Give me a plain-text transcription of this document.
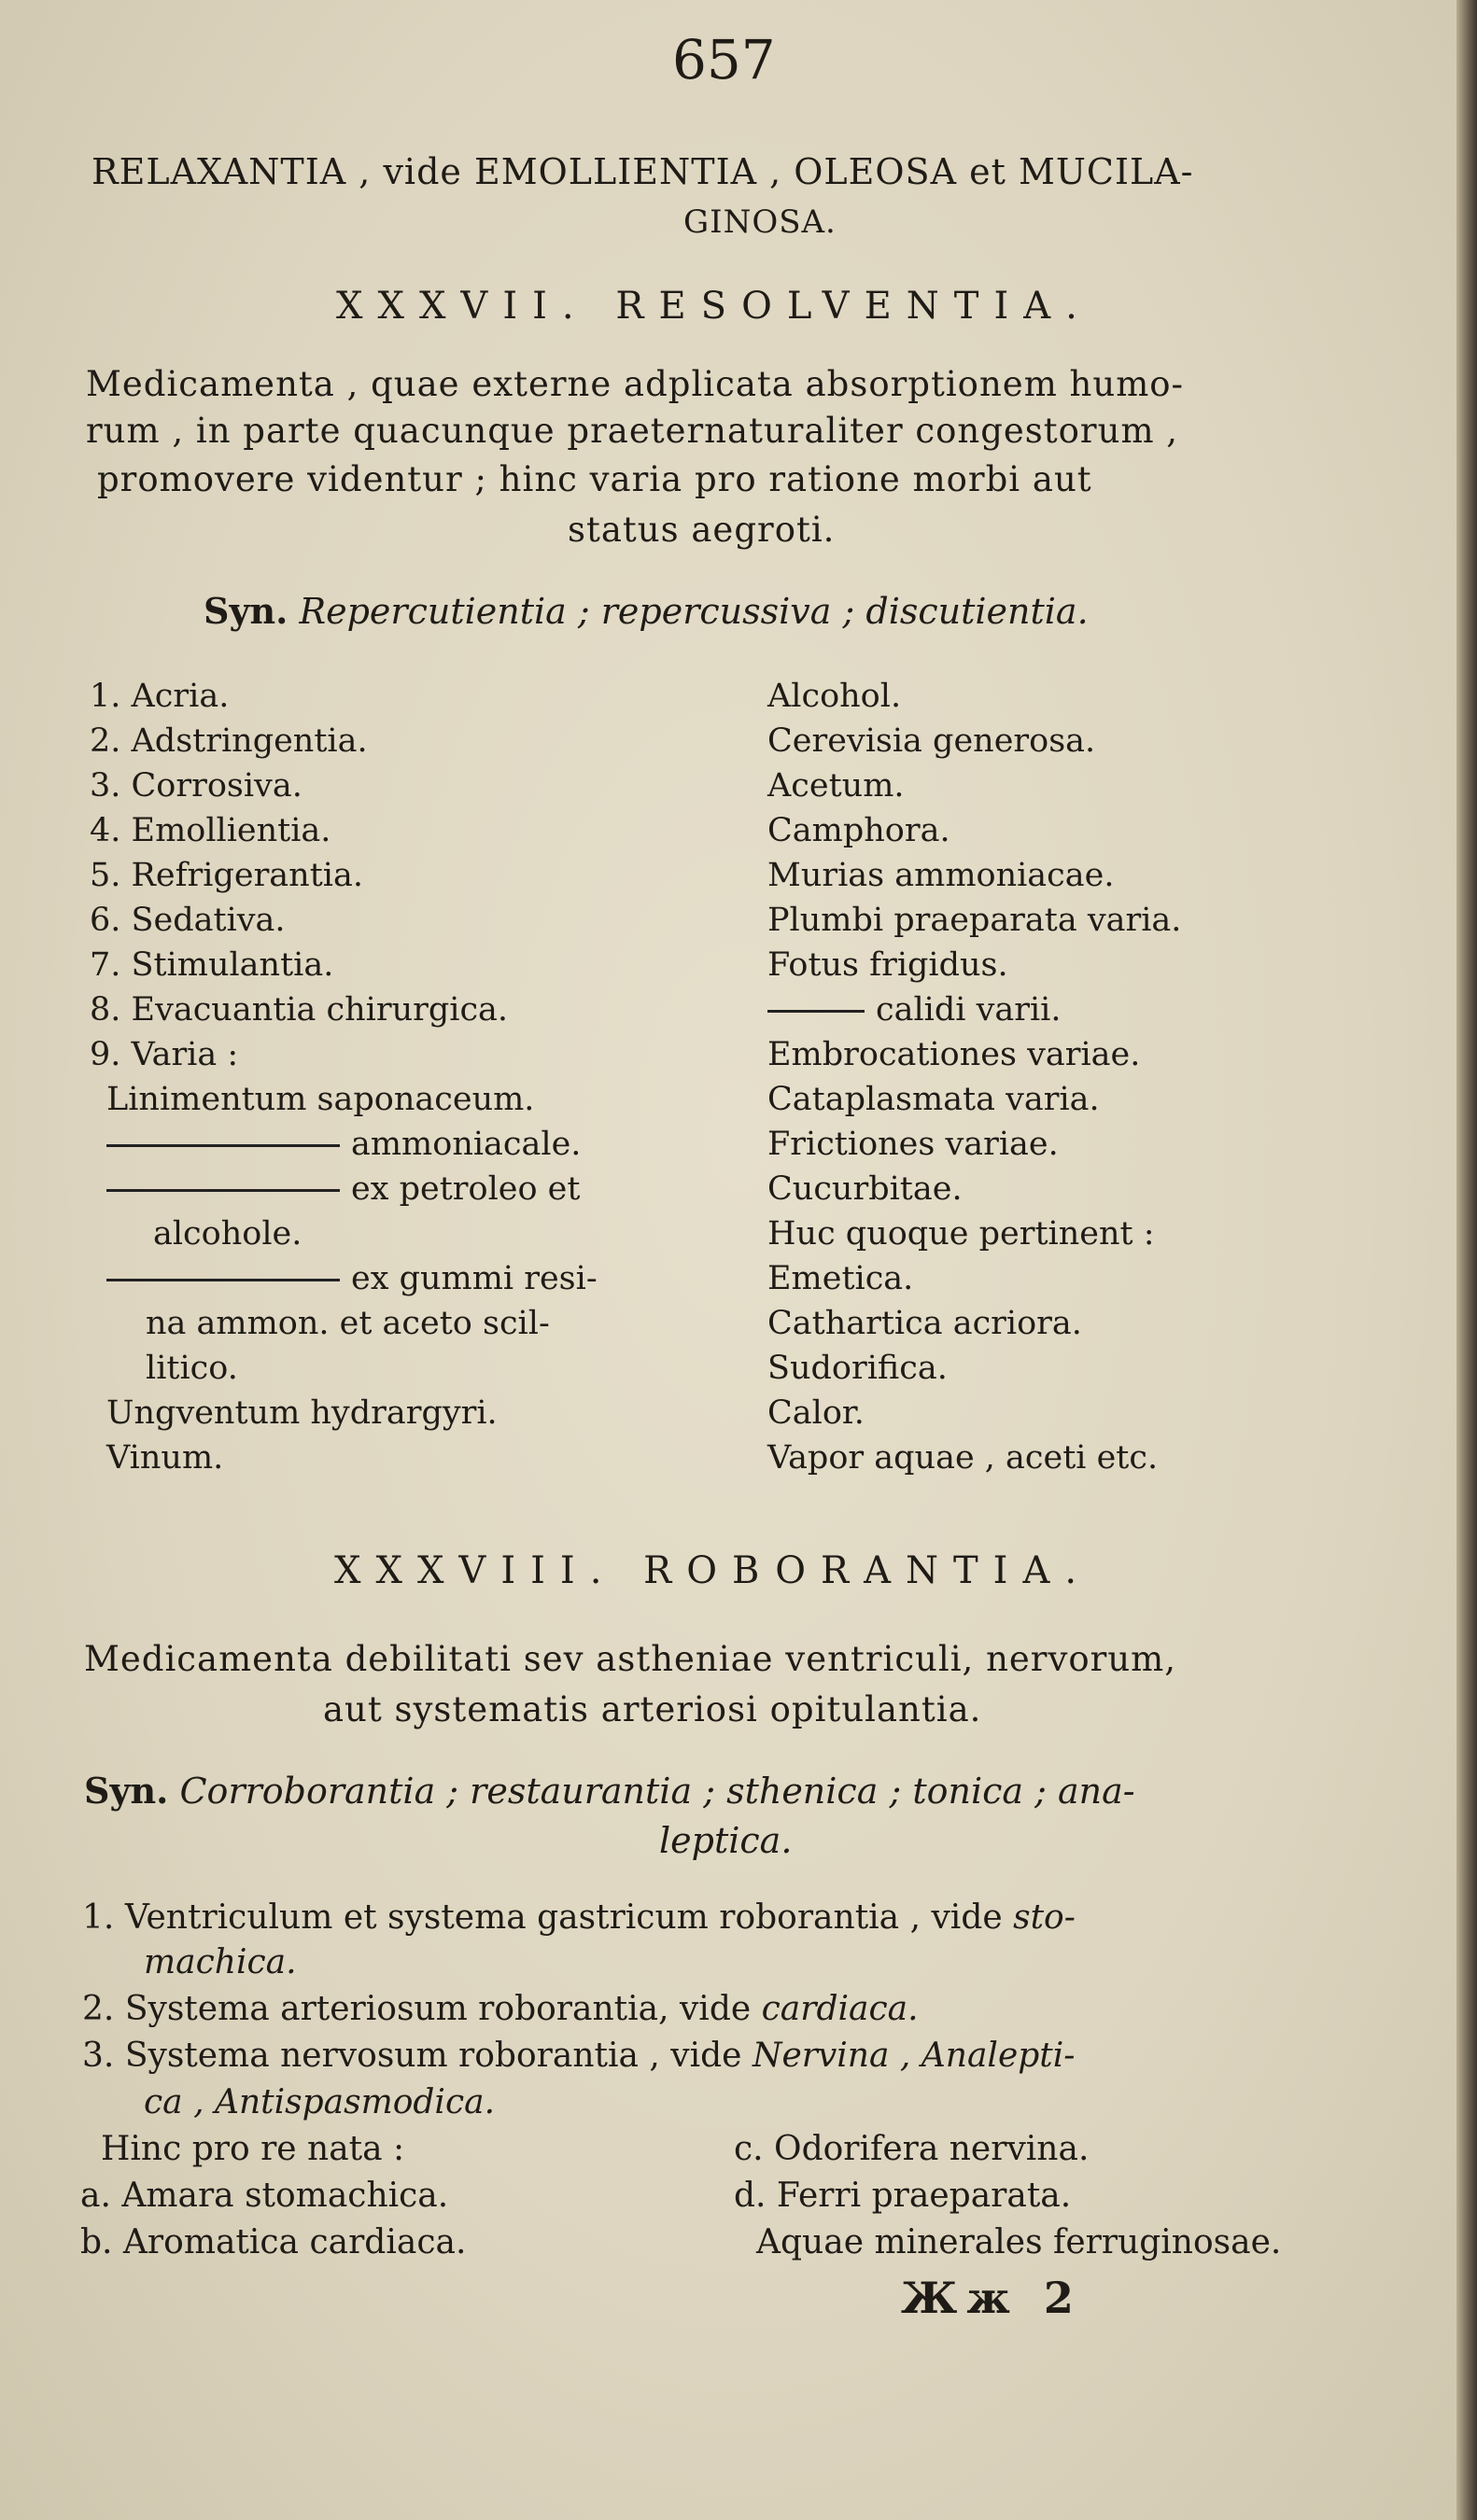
657
RELAXANTIA , vide EMOLLIENTIA , OLEOSA et MUCILA-
GINOSA.
XXXVII. RESOLVENTIA.
Medicamenta , quae externe adplicata absorptionem humo-
rum , in parte quacunque praeternaturaliter congestorum ,
promovere videntur ; hinc varia pro ratione morbi aut
status aegroti.
Syn. Repercutientia ; repercussiva ; discutientia.
1. Acria.
2. Adstringentia.
3. Corrosiva.
4. Emollientia.
5. Refrigerantia.
6. Sedativa.
7. Stimulantia.
8. Evacuantia chirurgica.
9. Varia :
Linimentum saponaceum.
ammoniacale.
ex petroleo et
alcohole.
ex gummi resi-
na ammon. et aceto scil-
litico.
Ungventum hydrargyri.
Vinum.
Alcohol.
Cerevisia generosa.
Acetum.
Camphora.
Murias ammoniacae.
Plumbi praeparata varia.
Fotus frigidus.
calidi varii.
Embrocationes variae.
Cataplasmata varia.
Frictiones variae.
Cucurbitae.
Huc quoque pertinent :
Emetica.
Cathartica acriora.
Sudorifica.
Calor.
Vapor aquae , aceti etc.
XXXVIII. ROBORANTIA.
Medicamenta debilitati sev astheniae ventriculi, nervorum,
aut systematis arteriosi opitulantia.
Syn. Corroborantia ; restaurantia ; sthenica ; tonica ; ana-
leptica.
1. Ventriculum et systema gastricum roborantia , vide sto-
machica.
2. Systema arteriosum roborantia, vide cardiaca.
3. Systema nervosum roborantia , vide Nervina , Analepti-
ca , Antispasmodica.
Hinc pro re nata :
a. Amara stomachica.
b. Aromatica cardiaca.
c. Odorifera nervina.
d. Ferri praeparata.
Aquae minerales ferruginosae.
Жж 2
